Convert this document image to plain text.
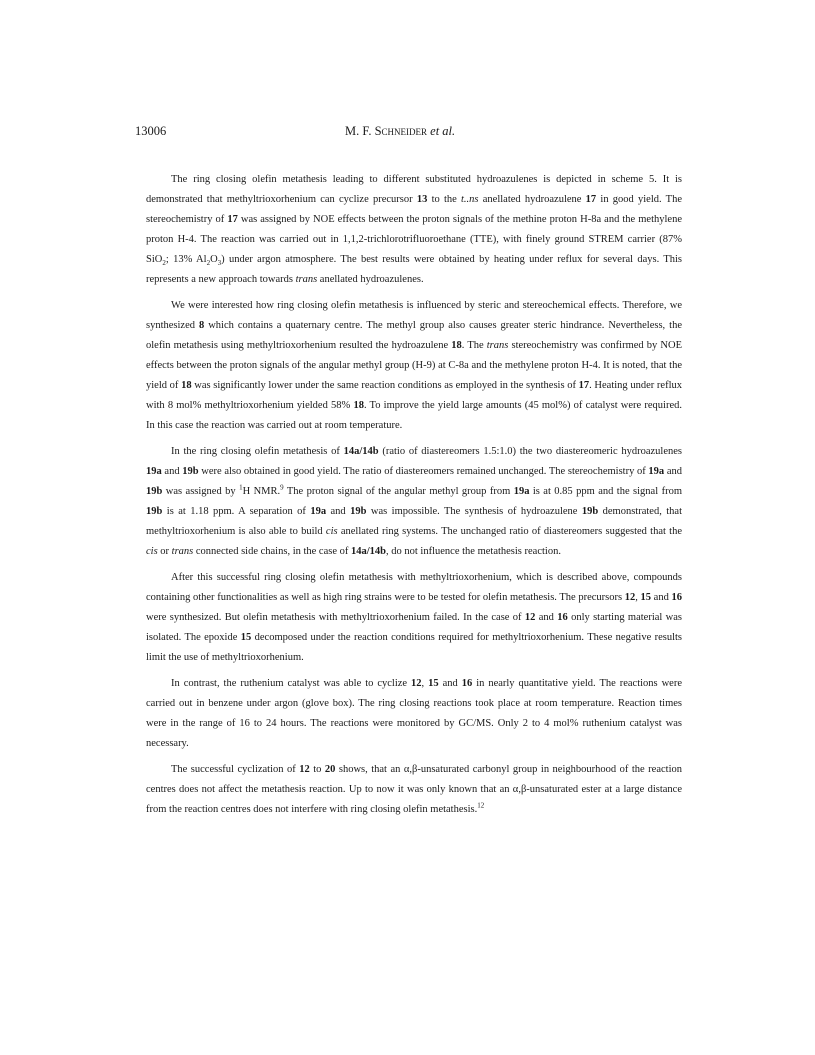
13006	M. F. Schneider et al.

The ring closing olefin metathesis leading to different substituted hydroazulenes is depicted in scheme 5. It is demonstrated that methyltrioxorhenium can cyclize precursor 13 to the t..ns anellated hydroazulene 17 in good yield. The stereochemistry of 17 was assigned by NOE effects between the proton signals of the methine proton H-8a and the methylene proton H-4. The reaction was carried out in 1,1,2-trichlorotrifluoroethane (TTE), with finely ground STREM carrier (87% SiO$_2$; 13% $Al_2O_3$) under argon atmosphere. The best results were obtained by heating under reflux for several days. This represents a new approach towards trans anellated hydroazulenes.

We were interested how ring closing olefin metathesis is influenced by steric and stereochemical effects. Therefore, we synthesized 8 which contains a quaternary centre. The methyl group also causes greater steric hindrance. Nevertheless, the olefin metathesis using methyltrioxorhenium resulted the hydroazulene 18. The trans stereochemistry was confirmed by NOE effects between the proton signals of the angular methyl group (H-9) at C-8a and the methylene proton H-4. It is noted, that the yield of 18 was significantly lower under the same reaction conditions as employed in the synthesis of 17. Heating under reflux with 8 mol% methyltrioxorhenium yielded 58% 18. To improve the yield large amounts (45 mol%) of catalyst were required. In this case the reaction was carried out at room temperature.

In the ring closing olefin metathesis of 14a/14b (ratio of diastereomers 1.5:1.0) the two diastereomeric hydroazulenes 19a and 19b were also obtained in good yield. The ratio of diastereomers remained unchanged. The stereochemistry of 19a and 19b was assigned by $^1$H NMR.$^9$ The proton signal of the angular methyl group from 19a is at 0.85 ppm and the signal from 19b is at 1.18 ppm. A separation of 19a and 19b was impossible. The synthesis of hydroazulene 19b demonstrated, that methyltrioxorhenium is also able to build cis anellated ring systems. The unchanged ratio of diastereomers suggested that the cis or trans connected side chains, in the case of 14a/14b, do not influence the metathesis reaction.

After this successful ring closing olefin metathesis with methyltrioxorhenium, which is described above, compounds containing other functionalities as well as high ring strains were to be tested for olefin metathesis. The precursors 12, 15 and 16 were synthesized. But olefin metathesis with methyltrioxorhenium failed. In the case of 12 and 16 only starting material was isolated. The epoxide 15 decomposed under the reaction conditions required for methyltrioxorhenium. These negative results limit the use of methyltrioxorhenium.

In contrast, the ruthenium catalyst was able to cyclize 12, 15 and 16 in nearly quantitative yield. The reactions were carried out in benzene under argon (glove box). The ring closing reactions took place at room temperature. Reaction times were in the range of 16 to 24 hours. The reactions were monitored by GC/MS. Only 2 to 4 mol% ruthenium catalyst was necessary.

The successful cyclization of 12 to 20 shows, that an α,β-unsaturated carbonyl group in neighbourhood of the reaction centres does not affect the metathesis reaction. Up to now it was only known that an α,β-unsaturated ester at a large distance from the reaction centres does not interfere with ring closing olefin metathesis.$^{12}$
